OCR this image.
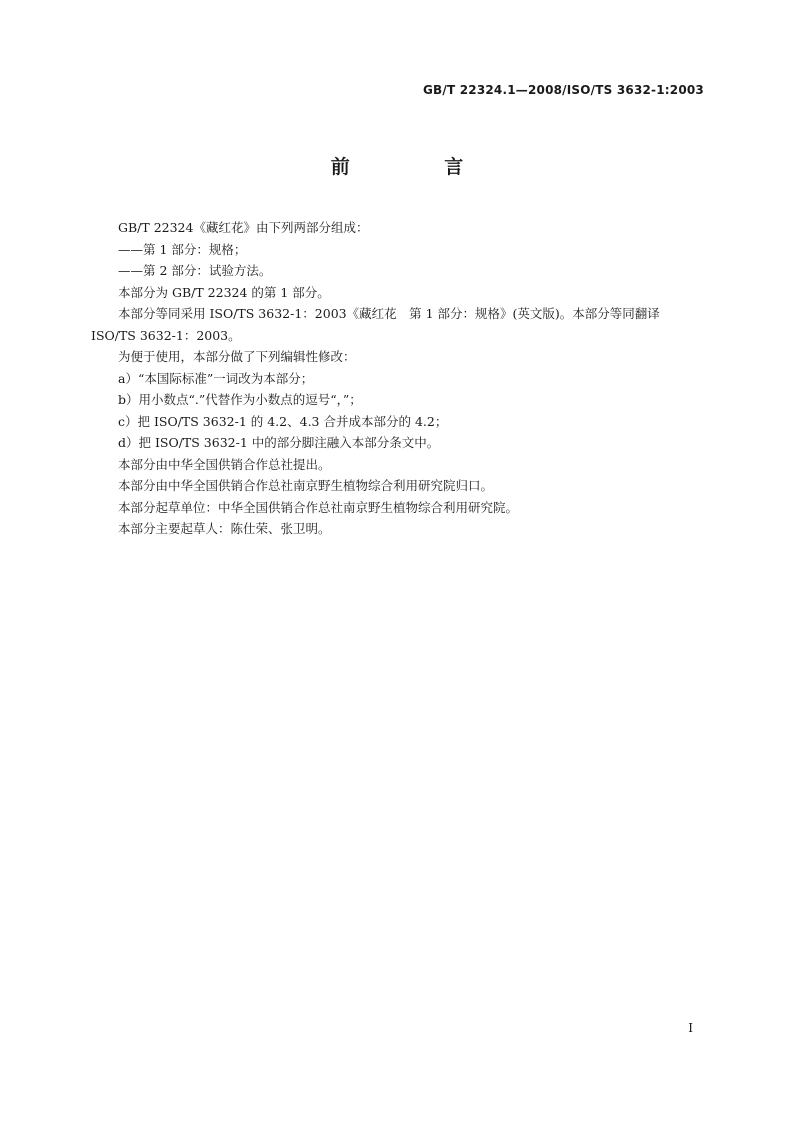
GB/T 22324.1—2008/ISO/TS 3632-1:2003
前 言

GB/T 22324《藏红花》由下列两部分组成：

——第 1 部分：规格；

——第 2 部分：试验方法。

本部分为 GB/T 22324 的第 1 部分。

本部分等同采用 ISO/TS 3632-1：2003《藏红花　第 1 部分：规格》(英文版)。本部分等同翻译ISO/TS 3632-1：2003。

为便于使用，本部分做了下列编辑性修改：

a）“本国际标准”一词改为本部分；

b）用小数点“.”代替作为小数点的逗号“，”；

c）把 ISO/TS 3632-1 的 4.2、4.3 合并成本部分的 4.2；

d）把 ISO/TS 3632-1 中的部分脚注融入本部分条文中。

本部分由中华全国供销合作总社提出。

本部分由中华全国供销合作总社南京野生植物综合利用研究院归口。

本部分起草单位：中华全国供销合作总社南京野生植物综合利用研究院。

本部分主要起草人：陈仕荣、张卫明。

I
